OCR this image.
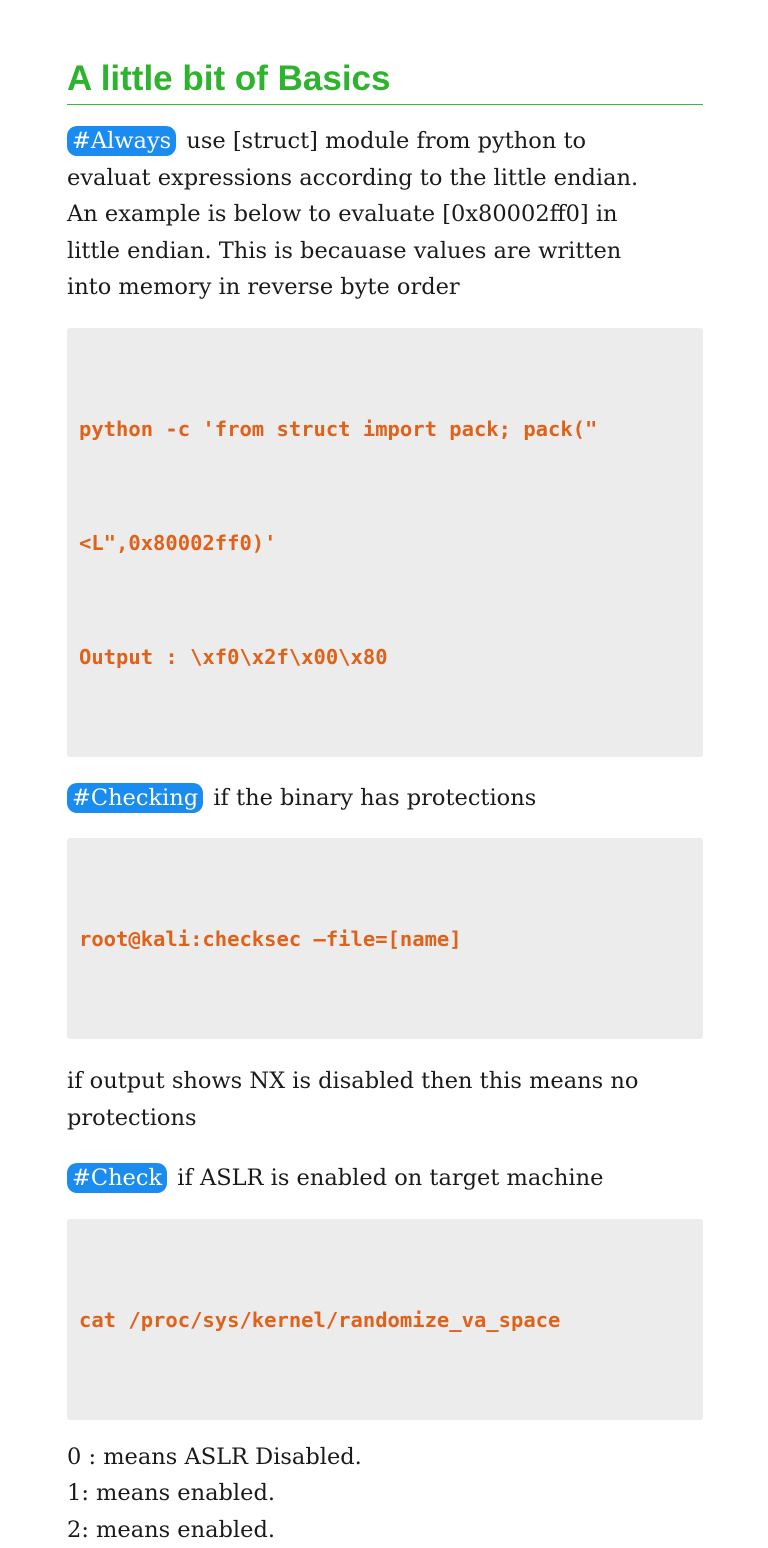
A little bit of Basics

#Always use [struct] module from python to
evaluat expressions according to the little endian.
An example is below to evaluate [0x80002ff0] in
little endian. This is becauase values are written
into memory in reverse byte order

python -c 'from struct import pack; pack("

<L",0x80002ff0)'

Output : \xf0\x2f\x00\x80

#Checking if the binary has protections

root@kali:checksec –file=[name]

if output shows NX is disabled then this means no
protections

#Check if ASLR is enabled on target machine

cat /proc/sys/kernel/randomize_va_space

0 : means ASLR Disabled.
1: means enabled.
2: means enabled.
